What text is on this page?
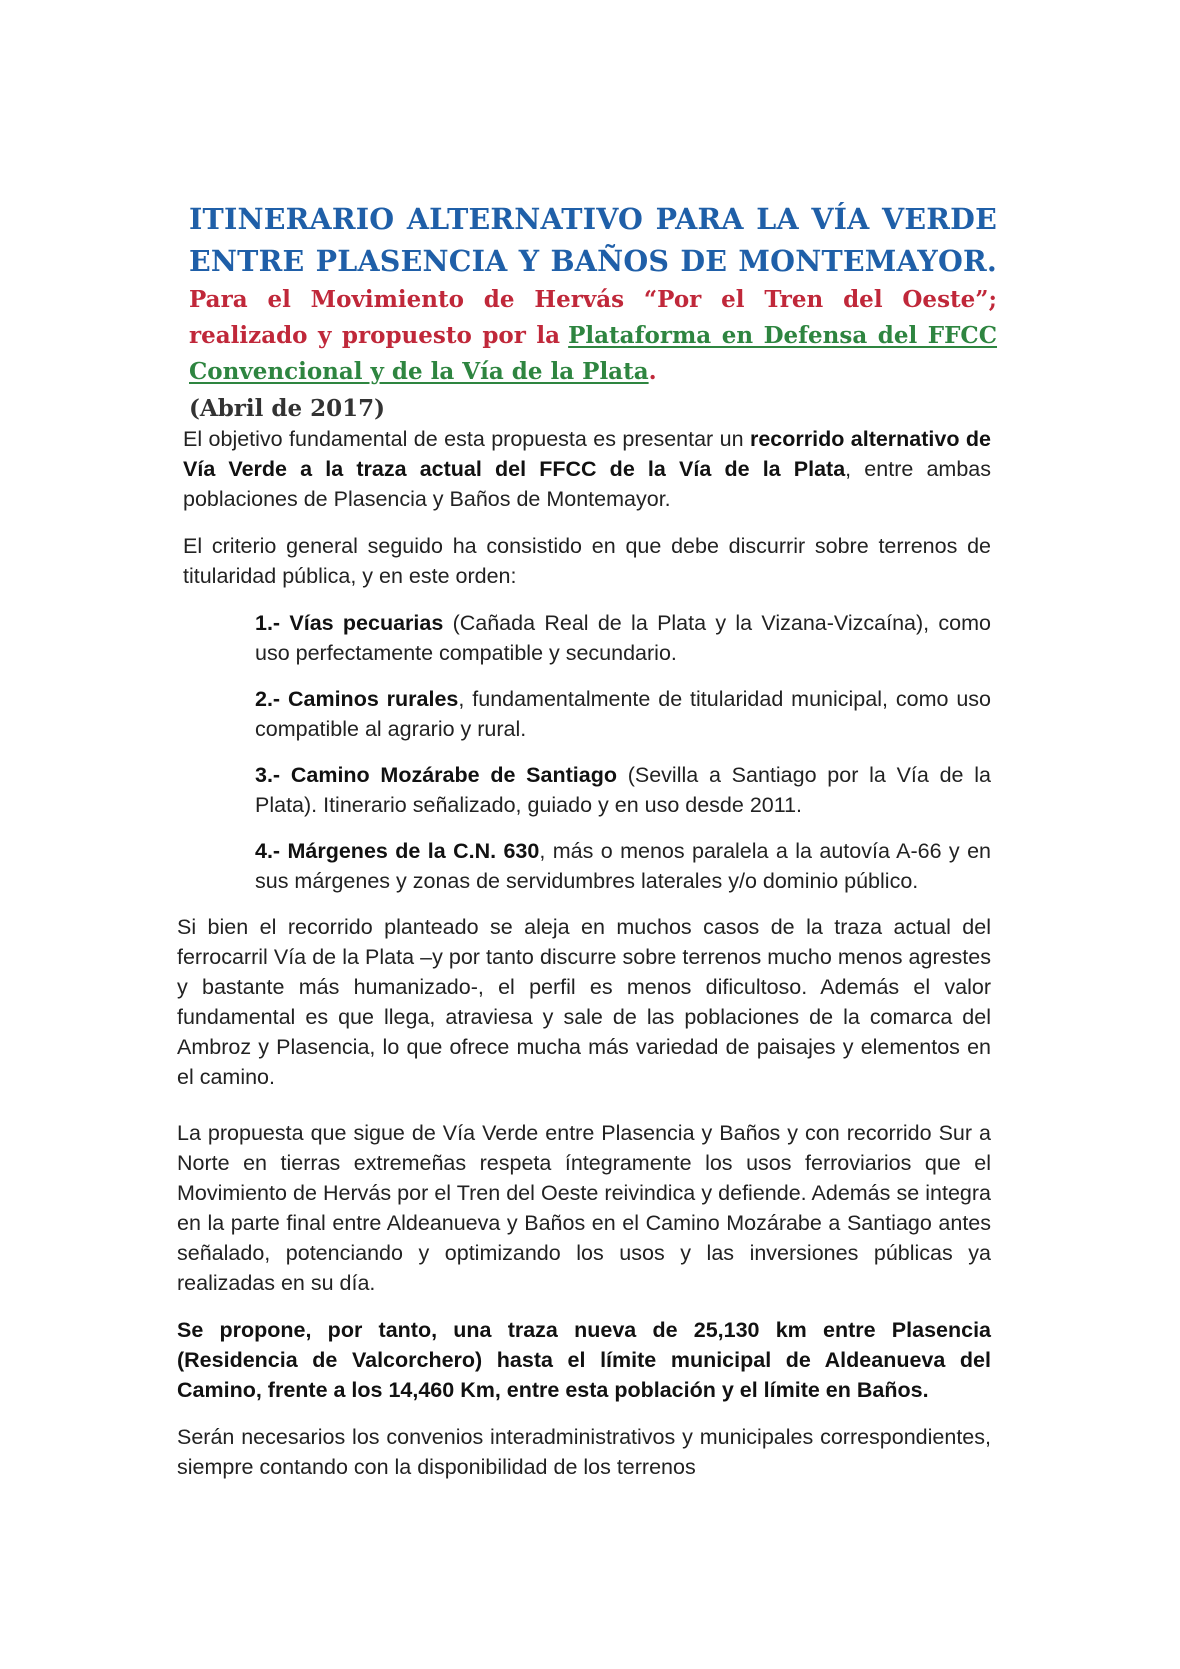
ITINERARIO ALTERNATIVO PARA LA VÍA VERDE ENTRE PLASENCIA Y BAÑOS DE MONTEMAYOR. Para el Movimiento de Hervás “Por el Tren del Oeste”; realizado y propuesto por la Plataforma en Defensa del FFCC Convencional y de la Vía de la Plata.
(Abril de 2017)

El objetivo fundamental de esta propuesta es presentar un recorrido alternativo de Vía Verde a la traza actual del FFCC de la Vía de la Plata, entre ambas poblaciones de Plasencia y Baños de Montemayor.

El criterio general seguido ha consistido en que debe discurrir sobre terrenos de titularidad pública, y en este orden:

1.- Vías pecuarias (Cañada Real de la Plata y la Vizana-Vizcaína), como uso perfectamente compatible y secundario.

2.- Caminos rurales, fundamentalmente de titularidad municipal, como uso compatible al agrario y rural.

3.- Camino Mozárabe de Santiago (Sevilla a Santiago por la Vía de la Plata). Itinerario señalizado, guiado y en uso desde 2011.

4.- Márgenes de la C.N. 630, más o menos paralela a la autovía A-66 y en sus márgenes y zonas de servidumbres laterales y/o dominio público.

Si bien el recorrido planteado se aleja en muchos casos de la traza actual del ferrocarril Vía de la Plata –y por tanto discurre sobre terrenos mucho menos agrestes y bastante más humanizado-, el perfil es menos dificultoso. Además el valor fundamental es que llega, atraviesa y sale de las poblaciones de la comarca del Ambroz y Plasencia, lo que ofrece mucha más variedad de paisajes y elementos en el camino.

La propuesta que sigue de Vía Verde entre Plasencia y Baños y con recorrido Sur a Norte en tierras extremeñas respeta íntegramente los usos ferroviarios que el Movimiento de Hervás por el Tren del Oeste reivindica y defiende. Además se integra en la parte final entre Aldeanueva y Baños en el Camino Mozárabe a Santiago antes señalado, potenciando y optimizando los usos y las inversiones públicas ya realizadas en su día.

Se propone, por tanto, una traza nueva de 25,130 km entre Plasencia (Residencia de Valcorchero) hasta el límite municipal de Aldeanueva del Camino, frente a los 14,460 Km, entre esta población y el límite en Baños.

Serán necesarios los convenios interadministrativos y municipales correspondientes, siempre contando con la disponibilidad de los terrenos
